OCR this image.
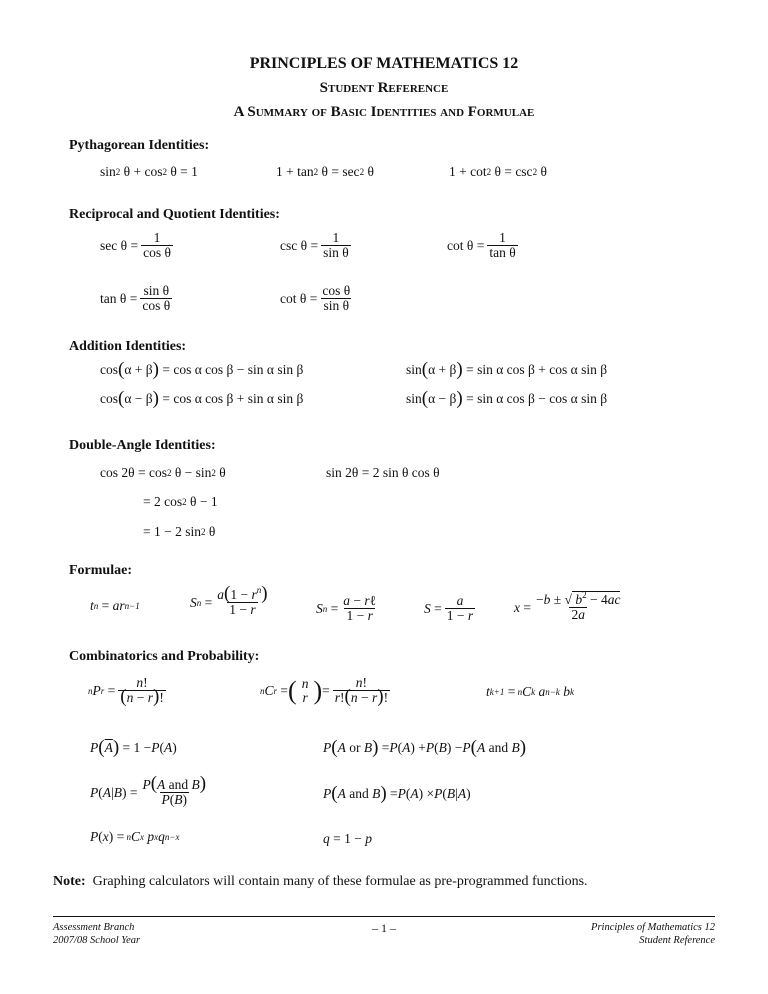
PRINCIPLES OF MATHEMATICS 12
Student Reference
A Summary of Basic Identities and Formulae
Pythagorean Identities:
sin 2 θ + cos 2 θ = 1	1 + tan 2 θ = sec 2 θ	1 + cot 2 θ = csc 2 θ
Reciprocal and Quotient Identities:
$\sec \theta = \frac{1}{\text{cos θ}}$	$\csc \theta = \frac{1}{\text{sin θ}}$	$\cot \theta = \frac{1}{\text{tan θ}}$
$\tan \theta = \frac{\text{sin θ}}{\text{cos θ}}$	$\cot \theta = \frac{\text{cos θ}}{\text{sin θ}}$
Addition Identities:
cos ( α + β ) = cos α cos β − sin α sin β	sin ( α + β ) = sin α cos β + cos α sin β
cos ( α − β ) = cos α cos β + sin α sin β	sin ( α − β ) = sin α cos β − cos α sin β
Double-Angle Identities:
cos 2θ = cos 2 θ − sin 2 θ	sin 2θ = 2 sin θ cos θ
= 2 cos 2 θ − 1
= 1 − 2 sin 2 θ
Formulae:
t n = ar n−1	S $n = \frac{a(1 - r^n)}{1 - r}$	S $n = \frac{\text{a − rℓ}}{1 - r}$	$S = \frac{a}{1 - r}$	$x = \frac{-b \pm √ b^2 - 4ac}{2a}$
Combinatorics and Probability:
n P $r = \frac{n!}{(n - r)!}$	n C r = ( n
r ) = $\frac{n!}{r!(n - r)!}$	t k+1 = n C k
a n−k
b k
P ( $\overline{A}$ ) = 1 − P ( A )	P ( A or B ) = P ( A ) + P ( B ) − P ( A and B )
P ( A | B ) = $\frac{\text{P(A and B)}}{P(B)}$	P ( A and B ) = P ( A ) × P ( B | A )
P ( x ) = n C x
p x q n−x	q = 1 − p
Note: Graphing calculators will contain many of these formulae as pre-programmed functions.
Assessment Branch
2007/08 School Year
– 1 –	Principles of Mathematics 12
Student Reference
